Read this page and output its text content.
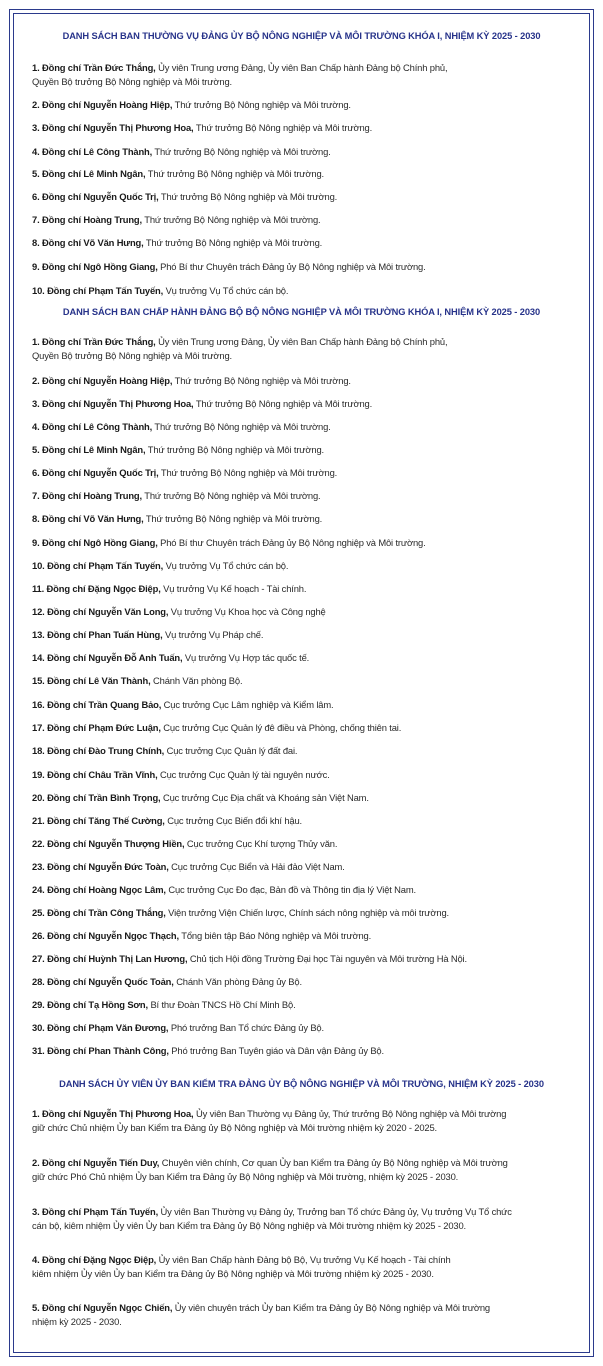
DANH SÁCH BAN THƯỜNG VỤ ĐẢNG ỦY BỘ NÔNG NGHIỆP VÀ MÔI TRƯỜNG KHÓA I, NHIỆM KỲ 2025 - 2030
DANH SÁCH BAN CHẤP HÀNH ĐẢNG BỘ BỘ NÔNG NGHIỆP VÀ MÔI TRƯỜNG KHÓA I, NHIỆM KỲ 2025 - 2030
DANH SÁCH ỦY VIÊN ỦY BAN KIỂM TRA ĐẢNG ỦY BỘ NÔNG NGHIỆP VÀ MÔI TRƯỜNG, NHIỆM KỲ 2025 - 2030
1. Đồng chí Trần Đức Thắng, Ủy viên Trung ương Đảng, Ủy viên Ban Chấp hành Đảng bộ Chính phủ,
Quyền Bộ trưởng Bộ Nông nghiệp và Môi trường.
2. Đồng chí Nguyễn Hoàng Hiệp, Thứ trưởng Bộ Nông nghiệp và Môi trường.
3. Đồng chí Nguyễn Thị Phương Hoa, Thứ trưởng Bộ Nông nghiệp và Môi trường.
4. Đồng chí Lê Công Thành, Thứ trưởng Bộ Nông nghiệp và Môi trường.
5. Đồng chí Lê Minh Ngân, Thứ trưởng Bộ Nông nghiệp và Môi trường.
6. Đồng chí Nguyễn Quốc Trị, Thứ trưởng Bộ Nông nghiệp và Môi trường.
7. Đồng chí Hoàng Trung, Thứ trưởng Bộ Nông nghiệp và Môi trường.
8. Đồng chí Võ Văn Hưng, Thứ trưởng Bộ Nông nghiệp và Môi trường.
9. Đồng chí Ngô Hồng Giang, Phó Bí thư Chuyên trách Đảng ủy Bộ Nông nghiệp và Môi trường.
10. Đồng chí Phạm Tấn Tuyến, Vụ trưởng Vụ Tổ chức cán bộ.
1. Đồng chí Trần Đức Thắng, Ủy viên Trung ương Đảng, Ủy viên Ban Chấp hành Đảng bộ Chính phủ,
Quyền Bộ trưởng Bộ Nông nghiệp và Môi trường.
2. Đồng chí Nguyễn Hoàng Hiệp, Thứ trưởng Bộ Nông nghiệp và Môi trường.
3. Đồng chí Nguyễn Thị Phương Hoa, Thứ trưởng Bộ Nông nghiệp và Môi trường.
4. Đồng chí Lê Công Thành, Thứ trưởng Bộ Nông nghiệp và Môi trường.
5. Đồng chí Lê Minh Ngân, Thứ trưởng Bộ Nông nghiệp và Môi trường.
6. Đồng chí Nguyễn Quốc Trị, Thứ trưởng Bộ Nông nghiệp và Môi trường.
7. Đồng chí Hoàng Trung, Thứ trưởng Bộ Nông nghiệp và Môi trường.
8. Đồng chí Võ Văn Hưng, Thứ trưởng Bộ Nông nghiệp và Môi trường.
9. Đồng chí Ngô Hồng Giang, Phó Bí thư Chuyên trách Đảng ủy Bộ Nông nghiệp và Môi trường.
10. Đồng chí Phạm Tấn Tuyến, Vụ trưởng Vụ Tổ chức cán bộ.
11. Đồng chí Đặng Ngọc Điệp, Vụ trưởng Vụ Kế hoạch - Tài chính.
12. Đồng chí Nguyễn Văn Long, Vụ trưởng Vụ Khoa học và Công nghệ
13. Đồng chí Phan Tuấn Hùng, Vụ trưởng Vụ Pháp chế.
14. Đồng chí Nguyễn Đỗ Anh Tuấn, Vụ trưởng Vụ Hợp tác quốc tế.
15. Đồng chí Lê Văn Thành, Chánh Văn phòng Bộ.
16. Đồng chí Trần Quang Bảo, Cục trưởng Cục Lâm nghiệp và Kiểm lâm.
17. Đồng chí Phạm Đức Luận, Cục trưởng Cục Quản lý đê điều và Phòng, chống thiên tai.
18. Đồng chí Đào Trung Chính, Cục trưởng Cục Quản lý đất đai.
19. Đồng chí Châu Trần Vĩnh, Cục trưởng Cục Quản lý tài nguyên nước.
20. Đồng chí Trần Bình Trọng, Cục trưởng Cục Địa chất và Khoáng sản Việt Nam.
21. Đồng chí Tăng Thế Cường, Cục trưởng Cục Biến đổi khí hậu.
22. Đồng chí Nguyễn Thượng Hiền, Cục trưởng Cục Khí tượng Thủy văn.
23. Đồng chí Nguyễn Đức Toàn, Cục trưởng Cục Biển và Hải đảo Việt Nam.
24. Đồng chí Hoàng Ngọc Lâm, Cục trưởng Cục Đo đạc, Bản đồ và Thông tin địa lý Việt Nam.
25. Đồng chí Trần Công Thắng, Viện trưởng Viện Chiến lược, Chính sách nông nghiệp và môi trường.
26. Đồng chí Nguyễn Ngọc Thạch, Tổng biên tập Báo Nông nghiệp và Môi trường.
27. Đồng chí Huỳnh Thị Lan Hương, Chủ tịch Hội đồng Trường Đại học Tài nguyên và Môi trường Hà Nội.
28. Đồng chí Nguyễn Quốc Toản, Chánh Văn phòng Đảng ủy Bộ.
29. Đồng chí Tạ Hồng Sơn, Bí thư Đoàn TNCS Hồ Chí Minh Bộ.
30. Đồng chí Phạm Văn Đương, Phó trưởng Ban Tổ chức Đảng ủy Bộ.
31. Đồng chí Phan Thành Công, Phó trưởng Ban Tuyên giáo và Dân vận Đảng ủy Bộ.
1. Đồng chí Nguyễn Thị Phương Hoa, Ủy viên Ban Thường vụ Đảng ủy, Thứ trưởng Bộ Nông nghiệp và Môi trường
giữ chức Chủ nhiệm Ủy ban Kiểm tra Đảng ủy Bộ Nông nghiệp và Môi trường nhiệm kỳ 2020 - 2025.
2. Đồng chí Nguyễn Tiến Duy, Chuyên viên chính, Cơ quan Ủy ban Kiểm tra Đảng ủy Bộ Nông nghiệp và Môi trường
giữ chức Phó Chủ nhiệm Ủy ban Kiểm tra Đảng ủy Bộ Nông nghiệp và Môi trường, nhiệm kỳ 2025 - 2030.
3. Đồng chí Phạm Tấn Tuyến, Ủy viên Ban Thường vụ Đảng ủy, Trưởng ban Tổ chức Đảng ủy, Vụ trưởng Vụ Tổ chức
cán bộ, kiêm nhiệm Ủy viên Ủy ban Kiểm tra Đảng ủy Bộ Nông nghiệp và Môi trường nhiệm kỳ 2025 - 2030.
4. Đồng chí Đặng Ngọc Điệp, Ủy viên Ban Chấp hành Đảng bộ Bộ, Vụ trưởng Vụ Kế hoạch - Tài chính
kiêm nhiệm Ủy viên Ủy ban Kiểm tra Đảng ủy Bộ Nông nghiệp và Môi trường nhiệm kỳ 2025 - 2030.
5. Đồng chí Nguyễn Ngọc Chiến, Ủy viên chuyên trách Ủy ban Kiểm tra Đảng ủy Bộ Nông nghiệp và Môi trường
nhiệm kỳ 2025 - 2030.
